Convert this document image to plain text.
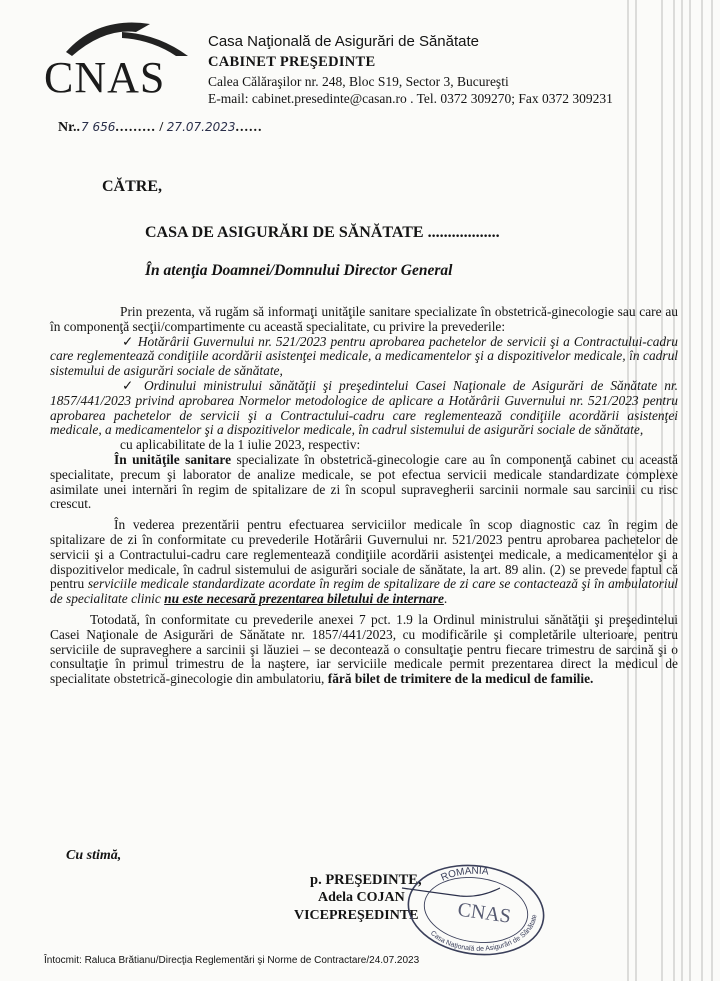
CNAS
Casa Naţională de Asigurări de Sănătate
CABINET PREŞEDINTE
Calea Călăraşilor nr. 248, Bloc S19, Sector 3, Bucureşti
E-mail: cabinet.presedinte@casan.ro . Tel. 0372 309270; Fax 0372 309231
Nr..7 656......... / 27.07.2023......
CĂTRE,
CASA DE ASIGURĂRI DE SĂNĂTATE ..................
În atenţia Doamnei/Domnului Director General

Prin prezenta, vă rugăm să informaţi unităţile sanitare specializate în obstetrică-ginecologie sau care au în componenţă secţii/compartimente cu această specialitate, cu privire la prevederile:

✓ Hotărârii Guvernului nr. 521/2023 pentru aprobarea pachetelor de servicii şi a Contractului-cadru care reglementează condiţiile acordării asistenţei medicale, a medicamentelor şi a dispozitivelor medicale, în cadrul sistemului de asigurări sociale de sănătate,

✓ Ordinului ministrului sănătăţii şi preşedintelui Casei Naţionale de Asigurări de Sănătate nr. 1857/441/2023 privind aprobarea Normelor metodologice de aplicare a Hotărârii Guvernului nr. 521/2023 pentru aprobarea pachetelor de servicii şi a Contractului-cadru care reglementează condiţiile acordării asistenţei medicale, a medicamentelor şi a dispozitivelor medicale, în cadrul sistemului de asigurări sociale de sănătate,

cu aplicabilitate de la 1 iulie 2023, respectiv:

În unităţile sanitare specializate în obstetrică-ginecologie care au în componenţă cabinet cu această specialitate, precum şi laborator de analize medicale, se pot efectua servicii medicale standardizate complexe asimilate unei internări în regim de spitalizare de zi în scopul supravegherii sarcinii normale sau sarcinii cu risc crescut.

În vederea prezentării pentru efectuarea serviciilor medicale în scop diagnostic caz în regim de spitalizare de zi în conformitate cu prevederile Hotărârii Guvernului nr. 521/2023 pentru aprobarea pachetelor de servicii şi a Contractului-cadru care reglementează condiţiile acordării asistenţei medicale, a medicamentelor şi a dispozitivelor medicale, în cadrul sistemului de asigurări sociale de sănătate, la art. 89 alin. (2) se prevede faptul că pentru serviciile medicale standardizate acordate în regim de spitalizare de zi care se contactează şi în ambulatoriul de specialitate clinic nu este necesară prezentarea biletului de internare.

Totodată, în conformitate cu prevederile anexei 7 pct. 1.9 la Ordinul ministrului sănătăţii şi preşedintelui Casei Naţionale de Asigurări de Sănătate nr. 1857/441/2023, cu modificările şi completările ulterioare, pentru serviciile de supraveghere a sarcinii şi lăuziei – se decontează o consultaţie pentru fiecare trimestru de sarcină şi o consultaţie în primul trimestru de la naştere, iar serviciile medicale permit prezentarea direct la medicul de specialitate obstetrică-ginecologie din ambulatoriu, fără bilet de trimitere de la medicul de familie.

Cu stimă,
p. PREŞEDINTE,
Adela COJAN
VICEPREŞEDINTE
ROMANIA
CNAS
Casa Naţională de Asigurări de Sănătate
Întocmit: Raluca Brătianu/Direcţia Reglementări şi Norme de Contractare/24.07.2023
